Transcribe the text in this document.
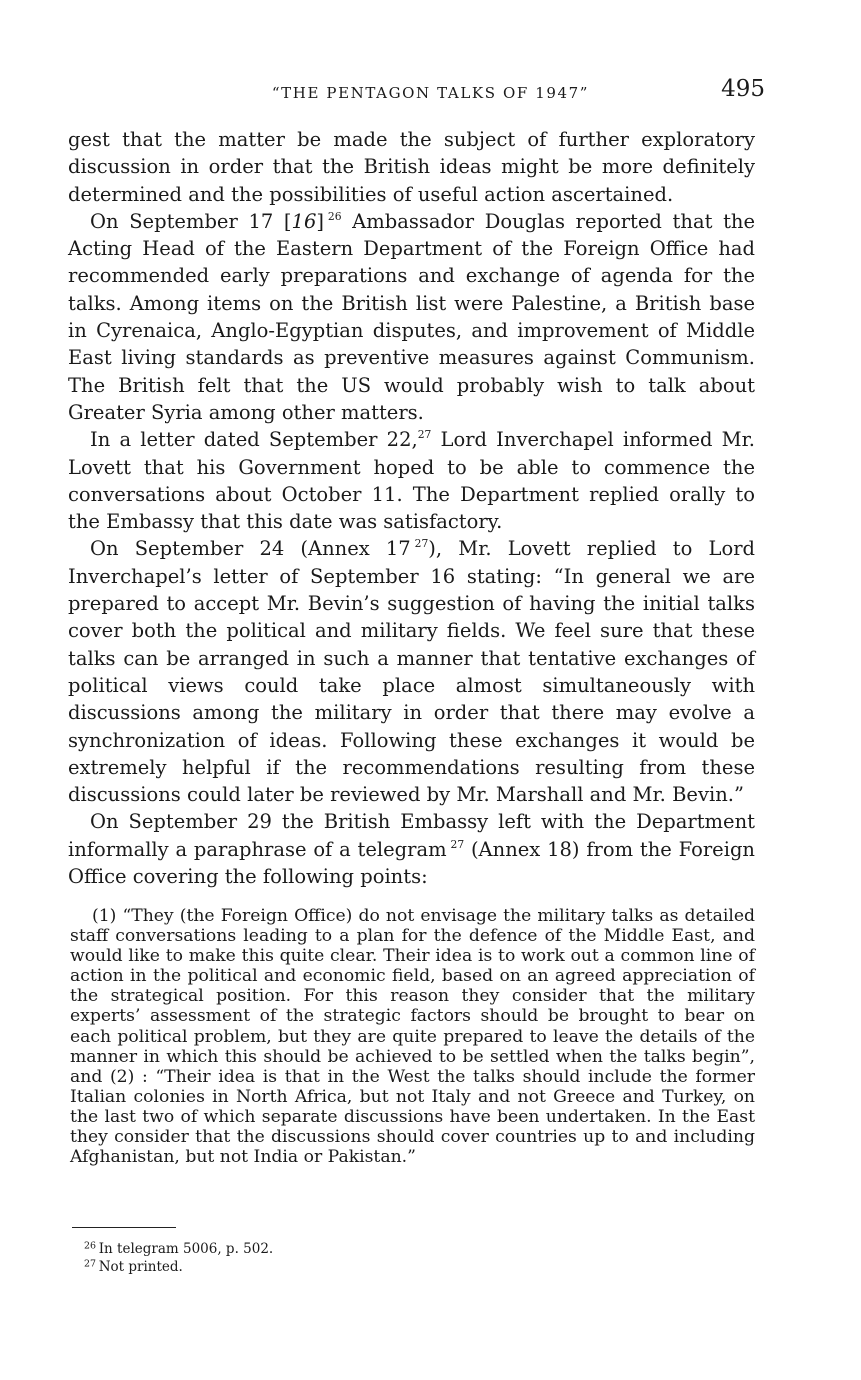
“THE PENTAGON TALKS OF 1947”	495

gest that the matter be made the subject of further exploratory discussion in order that the British ideas might be more definitely determined and the possibilities of useful action ascertained.

On September 17 [16]  $^{26}$ Ambassador Douglas reported that the Acting Head of the Eastern Department of the Foreign Office had recommended early preparations and exchange of agenda for the talks. Among items on the British list were Palestine, a British base in Cyrenaica, Anglo-Egyptian disputes, and improvement of Middle East living standards as preventive measures against Communism. The British felt that the US would probably wish to talk about Greater Syria among other matters.

In a letter dated September 22,27 Lord Inverchapel informed Mr. Lovett that his Government hoped to be able to commence the conversations about October 11. The Department replied orally to the Embassy that this date was satisfactory.

On September 24 (Annex 17  $^{27}$), Mr. Lovett replied to Lord Inverchapel’s letter of September 16 stating: “In general we are prepared to accept Mr. Bevin’s suggestion of having the initial talks cover both the political and military fields. We feel sure that these talks can be arranged in such a manner that tentative exchanges of political views could take place almost simultaneously with discussions among the military in order that there may evolve a synchronization of ideas. Following these exchanges it would be extremely helpful if the recommendations resulting from these discussions could later be reviewed by Mr. Marshall and Mr. Bevin.”

On September 29 the British Embassy left with the Department informally a paraphrase of a telegram  $^{27}$ (Annex 18) from the Foreign Office covering the following points:

(1) “They (the Foreign Office) do not envisage the military talks as detailed staff conversations leading to a plan for the defence of the Middle East, and would like to make this quite clear. Their idea is to work out a common line of action in the political and economic field, based on an agreed appreciation of the strategical position. For this reason they consider that the military experts’ assessment of the strategic factors should be brought to bear on each political problem, but they are quite prepared to leave the details of the manner in which this should be achieved to be settled when the talks begin”, and (2) : “Their idea is that in the West the talks should include the former Italian colonies in North Africa, but not Italy and not Greece and Turkey, on the last two of which separate discussions have been undertaken. In the East they consider that the discussions should cover countries up to and including Afghanistan, but not India or Pakistan.”

$^{26}$  In telegram 5006, p. 502.

$^{27}$  Not printed.
